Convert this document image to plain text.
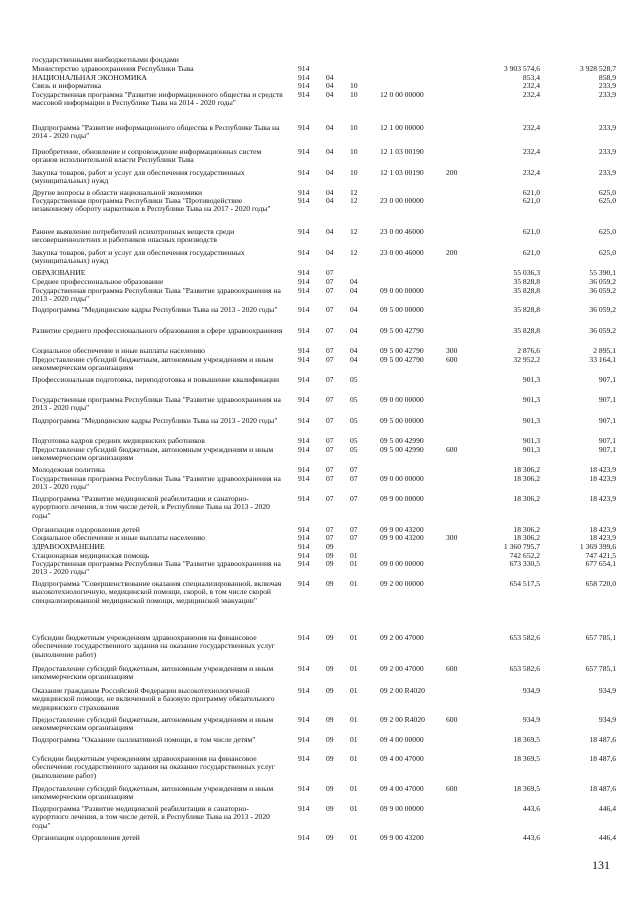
государственными внебюджетными фондами
Министерство здравоохранения Республики Тыва	914	3 903 574,6	3 928 528,7
НАЦИОНАЛЬНАЯ ЭКОНОМИКА	914 04	853,4	858,9
Связь и информатика	914 04 10	232,4	233,9
Государственная программа "Развитие информационного общества и средств массовой информации в Республике Тыва на 2014 - 2020 годы"
914 04 10	12 0 00 00000	232,4	233,9
Подпрограмма "Развитие информационного общества в Республике Тыва на 2014 - 2020 годы"
914 04 10	12 1 00 00000	232,4	233,9
Приобретение, обновление и сопровождение информационных систем органов исполнительной власти Республики Тыва
914 04 10	12 1 03 00190	232,4	233,9
Закупка товаров, работ и услуг для обеспечения государственных (муниципальных) нужд
914 04 10	12 1 03 00190	200	232,4	233,9
Другие вопросы в области национальной экономики	914 04 12	621,0	625,0
Государственная программа Республики Тыва "Противодействие незаконному обороту наркотиков в Республике Тыва на 2017 - 2020 годы"
914 04 12	23 0 00 00000	621,0	625,0
Раннее выявление потребителей психотропных веществ среди несовершеннолетних и работников опасных производств
914 04 12	23 0 00 46000	621,0	625,0
Закупка товаров, работ и услуг для обеспечения государственных (муниципальных) нужд
914 04 12	23 0 00 46000	200	621,0	625,0
ОБРАЗОВАНИЕ	914 07	55 036,3	55 390,1
Среднее профессиональное образование	914 07 04	35 828,8	36 059,2
Государственная программа Республики Тыва "Развитие здравоохранения на 2013 - 2020 годы"
914 07 04	09 0 00 00000	35 828,8	36 059,2
Подпрограмма "Медицинские кадры Республики Тыва на 2013 - 2020 годы"	914 07 04	09 5 00 00000	35 828,8	36 059,2
Развитие среднего профессионального образования в сфере здравоохранения 914 07 04	09 5 00 42790	35 828,8	36 059,2
Социальное обеспечение и иные выплаты населению	914 07 04	09 5 00 42790	300	2 876,6	2 895,1
Предоставление субсидий бюджетным, автономным учреждениям и иным некоммерческим организациям
914 07 04	09 5 00 42790	600	32 952,2	33 164,1
Профессиональная подготовка, переподготовка и повышение квалификации	914 07 05	901,3	907,1
Государственная программа Республики Тыва "Развитие здравоохранения на 2013 - 2020 годы"
914 07 05	09 0 00 00000	901,3	907,1
Подпрограмма "Медицинские кадры Республики Тыва на 2013 - 2020 годы"	914 07 05	09 5 00 00000	901,3	907,1
Подготовка кадров средних медицинских работников	914 07 05	09 5 00 42990	901,3	907,1
Предоставление субсидий бюджетным, автономным учреждениям и иным некоммерческим организациям
914 07 05	09 5 00 42990	600	901,3	907,1
Молодежная политика	914 07 07	18 306,2	18 423,9
Государственная программа Республики Тыва "Развитие здравоохранения на 2013 - 2020 годы"
914 07 07	09 0 00 00000	18 306,2	18 423,9
Подпрограмма "Развитие медицинской реабилитации и санаторно-курортного лечения, в том числе детей, в Республике Тыва на 2013 - 2020 годы"
914 07 07	09 9 00 00000	18 306,2	18 423,9
Организация оздоровления детей	914 07 07	09 9 00 43200	18 306,2	18 423,9
Социальное обеспечение и иные выплаты населению	914 07 07	09 9 00 43200	300	18 306,2	18 423,9
ЗДРАВООХРАНЕНИЕ	914 09	1 360 795,7	1 369 399,6
Стационарная медицинская помощь	914 09 01	742 652,2	747 421,5
Государственная программа Республики Тыва "Развитие здравоохранения на 2013 - 2020 годы"
914 09 01	09 0 00 00000	673 330,5	677 654,1
Подпрограмма "Совершенствование оказания специализированной, включая высокотехнологичную, медицинской помощи, скорой, в том числе скорой специализированной медицинской помощи, медицинской эвакуации"
914 09 01	09 2 00 00000	654 517,5	658 720,0
Субсидии бюджетным учреждениям здравоохранения на финансовое обеспечение государственного задания на оказание государственных услуг (выполнение работ)
914 09 01	09 2 00 47000	653 582,6	657 785,1
Предоставление субсидий бюджетным, автономным учреждениям и иным некоммерческим организациям
914 09 01	09 2 00 47000	600	653 582,6	657 785,1
Оказание гражданам Российской Федерации высокотехнологичной медицинской помощи, не включенной в базовую программу обязательного медицинского страхования
914 09 01	09 2 00 R4020	934,9	934,9
Предоставление субсидий бюджетным, автономным учреждениям и иным некоммерческим организациям
914 09 01	09 2 00 R4020	600	934,9	934,9
Подпрограмма "Оказание паллиативной помощи, в том числе детям"	914 09 01	09 4 00 00000	18 369,5	18 487,6
Субсидии бюджетным учреждениям здравоохранения на финансовое обеспечение государственного задания на оказание государственных услуг (выполнение работ)
914 09 01	09 4 00 47000	18 369,5	18 487,6
Предоставление субсидий бюджетным, автономным учреждениям и иным некоммерческим организациям
914 09 01	09 4 00 47000	600	18 369,5	18 487,6
Подпрограмма "Развитие медицинской реабилитации и санаторно-курортного лечения, в том числе детей, в Республике Тыва на 2013 - 2020 годы"
914 09 01	09 9 00 00000	443,6	446,4
Организация оздоровления детей	914 09 01	09 9 00 43200	443,6	446,4
131
